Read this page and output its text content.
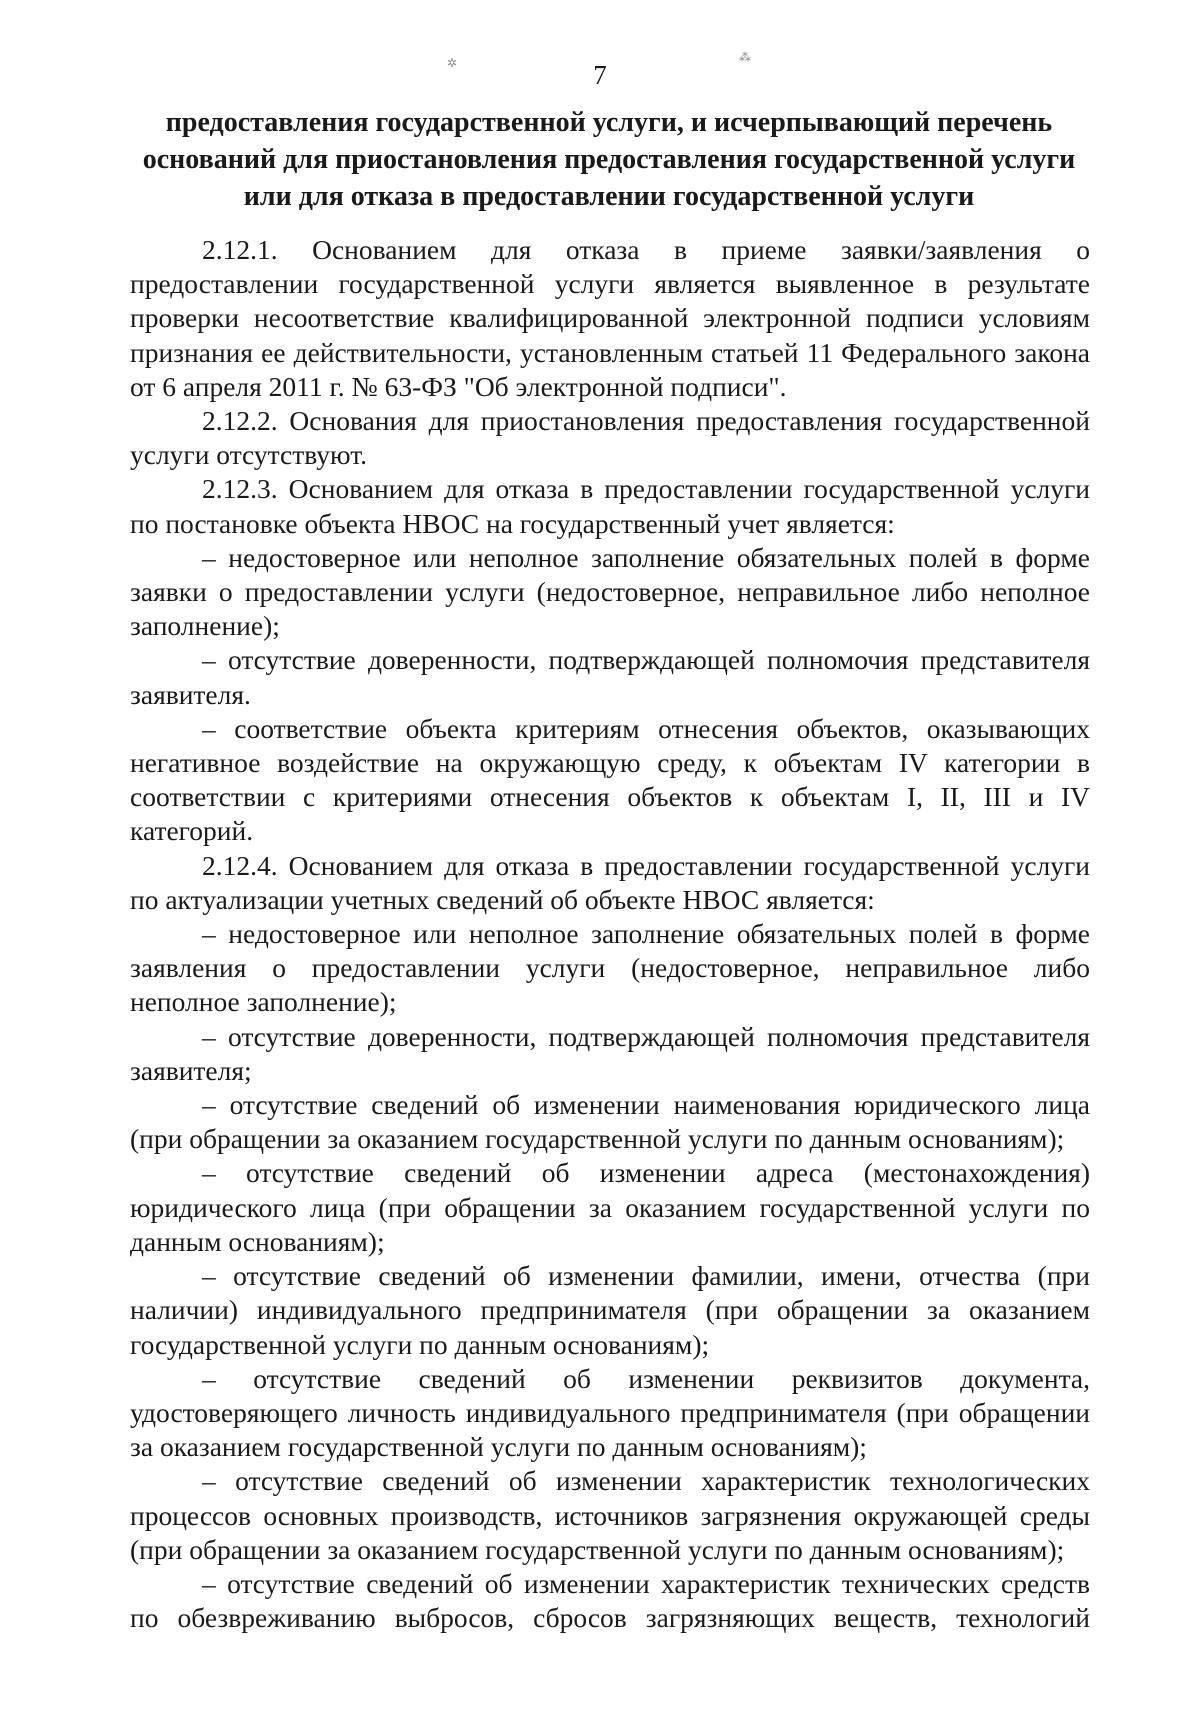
✲	⁂
7
предоставления государственной услуги, и исчерпывающий перечень
оснований для приостановления предоставления государственной услуги
или для отказа в предоставлении государственной услуги

2.12.1. Основанием для отказа в приеме заявки/заявления о предоставлении государственной услуги является выявленное в результате проверки несоответствие квалифицированной электронной подписи условиям признания ее действительности, установленным статьей 11 Федерального закона от 6 апреля 2011 г. № 63-ФЗ "Об электронной подписи".

2.12.2. Основания для приостановления предоставления государственной услуги отсутствуют.

2.12.3. Основанием для отказа в предоставлении государственной услуги по постановке объекта НВОС на государственный учет является:

– недостоверное или неполное заполнение обязательных полей в форме заявки о предоставлении услуги (недостоверное, неправильное либо неполное заполнение);

– отсутствие доверенности, подтверждающей полномочия представителя заявителя.

– соответствие объекта критериям отнесения объектов, оказывающих негативное воздействие на окружающую среду, к объектам IV категории в соответствии с критериями отнесения объектов к объектам I, II, III и IV категорий.

2.12.4. Основанием для отказа в предоставлении государственной услуги по актуализации учетных сведений об объекте НВОС является:

– недостоверное или неполное заполнение обязательных полей в форме заявления о предоставлении услуги (недостоверное, неправильное либо неполное заполнение);

– отсутствие доверенности, подтверждающей полномочия представителя заявителя;

– отсутствие сведений об изменении наименования юридического лица (при обращении за оказанием государственной услуги по данным основаниям);

– отсутствие сведений об изменении адреса (местонахождения) юридического лица (при обращении за оказанием государственной услуги по данным основаниям);

– отсутствие сведений об изменении фамилии, имени, отчества (при наличии) индивидуального предпринимателя (при обращении за оказанием государственной услуги по данным основаниям);

– отсутствие сведений об изменении реквизитов документа, удостоверяющего личность индивидуального предпринимателя (при обращении за оказанием государственной услуги по данным основаниям);

– отсутствие сведений об изменении характеристик технологических процессов основных производств, источников загрязнения окружающей среды (при обращении за оказанием государственной услуги по данным основаниям);

– отсутствие сведений об изменении характеристик технических средств по обезвреживанию выбросов, сбросов загрязняющих веществ, технологий
